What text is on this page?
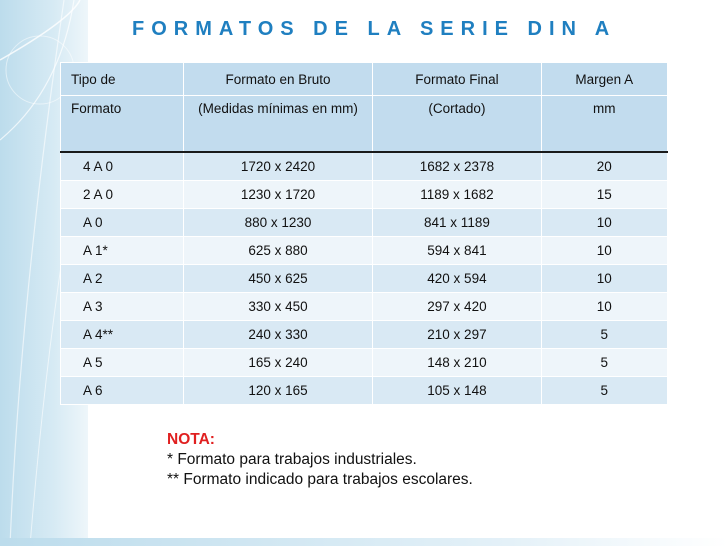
FORMATOS DE LA SERIE DIN A
Tipo de	Formato en Bruto	Formato Final	Margen A
Formato	(Medidas mínimas en mm)	(Cortado)	mm
4 A 0	1720 x 2420	1682 x 2378	20
2 A 0	1230 x 1720	1189 x 1682	15
A 0	880 x 1230	841 x 1189	10
A 1*	625 x 880	594 x 841	10
A 2	450 x 625	420 x 594	10
A 3	330 x 450	297 x 420	10
A 4**	240 x 330	210 x 297	5
A 5	165 x 240	148 x 210	5
A 6	120 x 165	105 x 148	5
NOTA:
* Formato para trabajos industriales.
** Formato indicado para trabajos escolares.
